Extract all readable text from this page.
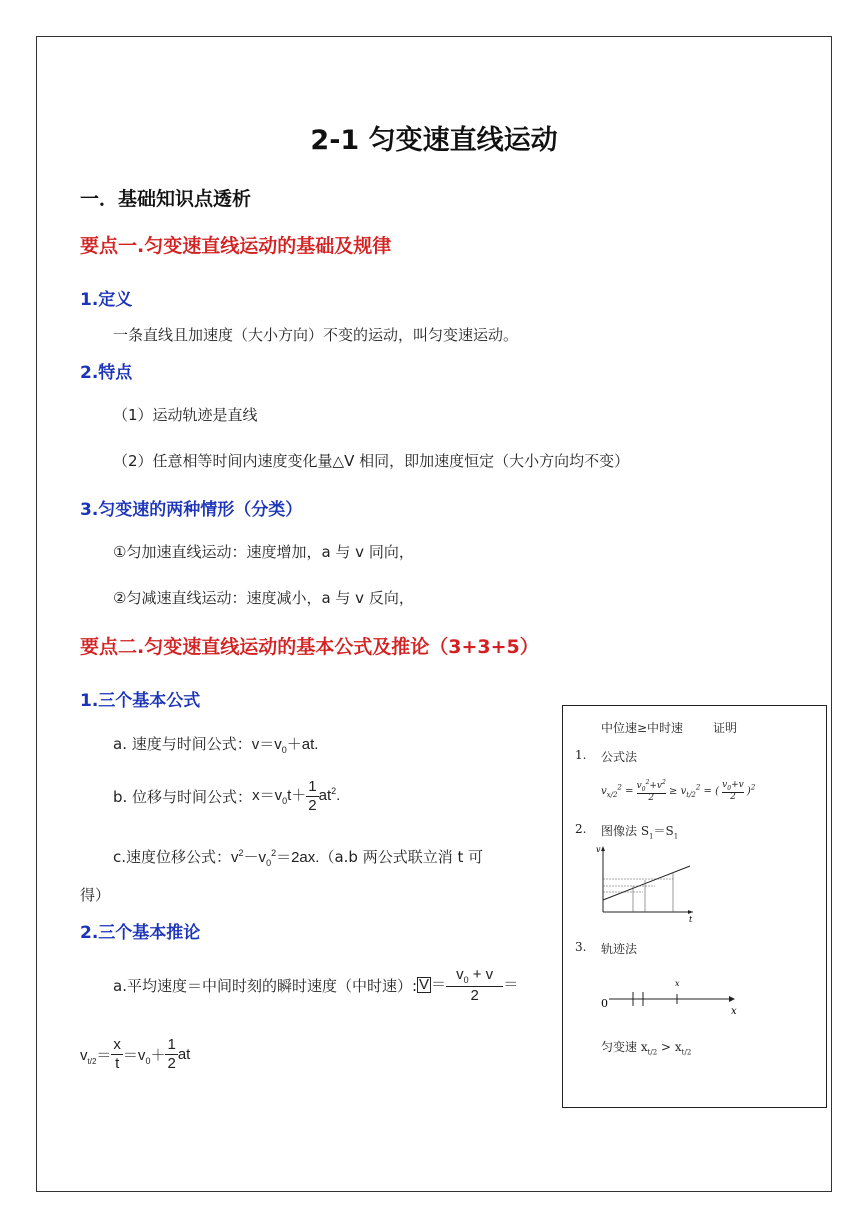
2-1 匀变速直线运动
一．基础知识点透析
要点一.匀变速直线运动的基础及规律
1.定义
一条直线且加速度（大小方向）不变的运动，叫匀变速运动。
2.特点
（1）运动轨迹是直线
（2）任意相等时间内速度变化量△V 相同，即加速度恒定（大小方向均不变）
3.匀变速的两种情形（分类）
①匀加速直线运动：速度增加，a 与 v 同向，
②匀减速直线运动：速度减小，a 与 v 反向，
要点二.匀变速直线运动的基本公式及推论（3+3+5）
1.三个基本公式
a. 速度与时间公式：$v=v_0+at$.
b. 位移与时间公式：$x=v_0t+ \frac{1}{2} at^2$.
c.速度位移公式：$v^2-v_0^2=2ax.(a.b$ 两公式联立消 t 可
得）
2.三个基本推论
a.平均速度＝中间时刻的瞬时速度（中时速）: $V = \frac{v_0 + v}{2}$ ＝
$v_{t/2}= \frac{x}{t} =v_0+ \frac{1}{2}$ at
中位速≥中时速 证明
1. 公式法
$v_{x/2}^2 = \frac{v_0^2+v^2}{2} \ge v_{t/2}^2$ = ( $\frac{v_0+v}{2} )^2$
2. 图像法 $S_1=S_1$
v
t
3. 轨迹法
0
x
x
匀变速 $x_{t/2} > x_{t/2}$
